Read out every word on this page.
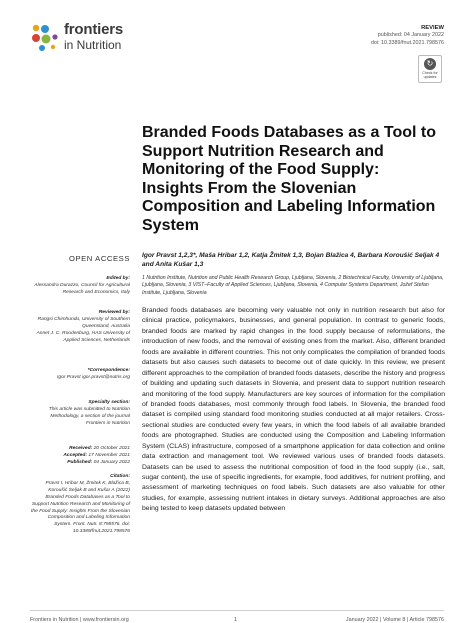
frontiers
in Nutrition
REVIEW
published: 04 January 2022
doi: 10.3389/fnut.2021.798576
↻
Check for updates
Branded Foods Databases as a Tool to Support Nutrition Research and Monitoring of the Food Supply: Insights From the Slovenian Composition and Labeling Information System
Igor Pravst 1,2,3*, Maša Hribar 1,2, Katja Žmitek 1,3, Bojan Blažica 4, Barbara Koroušić Seljak 4 and Anita Kušar 1,3
1 Nutrition Institute, Nutrition and Public Health Research Group, Ljubljana, Slovenia, 2 Biotechnical Faculty, University of Ljubljana, Ljubljana, Slovenia, 3 VIST–Faculty of Applied Sciences, Ljubljana, Slovenia, 4 Computer Systems Department, Jožef Stefan Institute, Ljubljana, Slovenia

Branded foods databases are becoming very valuable not only in nutrition research but also for clinical practice, policymakers, businesses, and general population. In contrast to generic foods, branded foods are marked by rapid changes in the food supply because of reformulations, the introduction of new foods, and the removal of existing ones from the market. Also, different branded foods are available in different countries. This not only complicates the compilation of branded foods datasets but also causes such datasets to become out of date quickly. In this review, we present different approaches to the compilation of branded foods datasets, describe the history and progress of building and updating such datasets in Slovenia, and present data to support nutrition research and monitoring of the food supply. Manufacturers are key sources of information for the compilation of branded foods databases, most commonly through food labels. In Slovenia, the branded food dataset is compiled using standard food monitoring studies conducted at all major retailers. Cross-sectional studies are conducted every few years, in which the food labels of all available branded foods are photographed. Studies are conducted using the Composition and Labeling Information System (CLAS) infrastructure, composed of a smartphone application for data collection and online data extraction and management tool. We reviewed various uses of branded foods datasets. Datasets can be used to assess the nutritional composition of food in the food supply (i.e., salt, sugar content), the use of specific ingredients, for example, food additives, for nutrient profiling, and assessment of marketing techniques on food labels. Such datasets are also valuable for other studies, for example, assessing nutrient intakes in dietary surveys. Additional approaches are also being tested to keep datasets updated between

OPEN ACCESS
Edited by:
Alessandra Durazzo, Council for Agricultural Research and Economics, Italy
Reviewed by:
Rangsi Chimhundu, University of Southern Queensland, Australia
Annet J. C. Roodenburg, HAS University of Applied Sciences, Netherlands
*Correspondence:
Igor Pravst igor.pravst@nutris.org
Specialty section:
This article was submitted to Nutrition Methodology, a section of the journal Frontiers in Nutrition
Received: 20 October 2021
Accepted: 17 November 2021
Published: 04 January 2022
Citation:
Pravst I, Hribar M, Žmitek K, Blažica B, Koroušić Seljak B and Kušar A (2022) Branded Foods Databases as a Tool to Support Nutrition Research and Monitoring of the Food Supply: Insights From the Slovenian Composition and Labeling Information System. Front. Nutr. 8:798576. doi: 10.3389/fnut.2021.798576
Frontiers in Nutrition | www.frontiersin.org	1	January 2022 | Volume 8 | Article 798576
